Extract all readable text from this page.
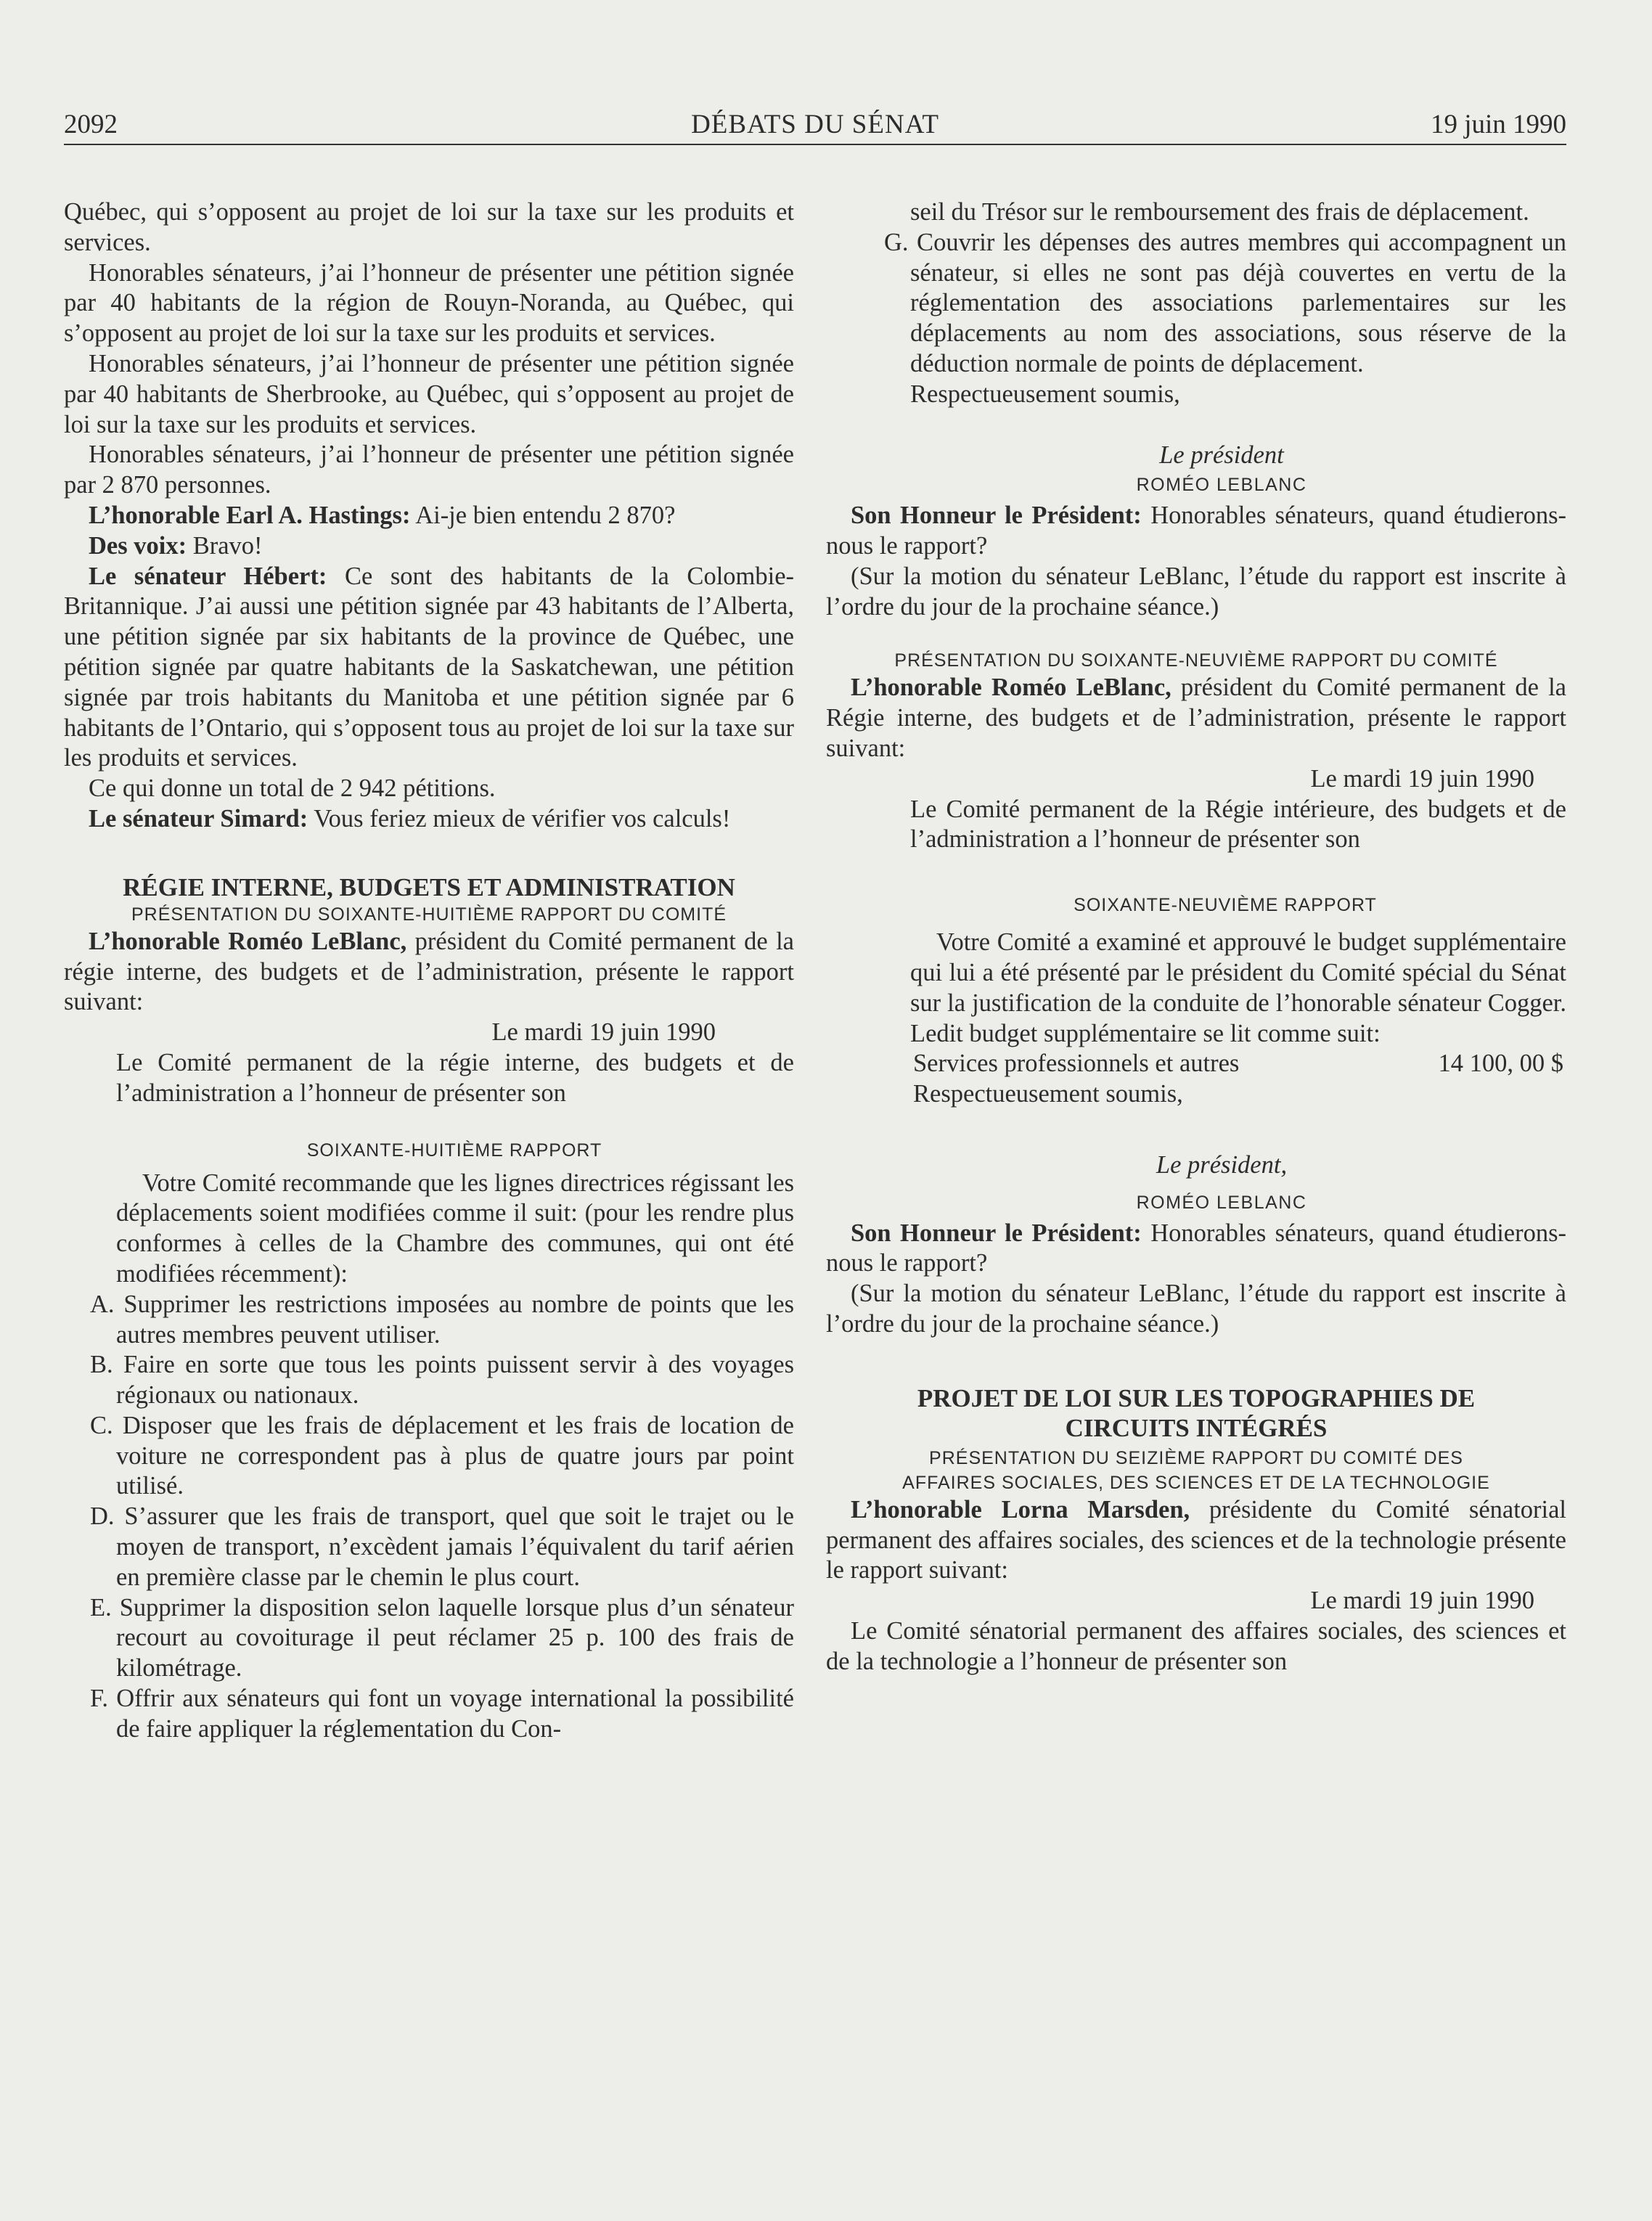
2092	DÉBATS DU SÉNAT	19 juin 1990

Québec, qui s’opposent au projet de loi sur la taxe sur les produits et services.

Honorables sénateurs, j’ai l’honneur de présenter une pétition signée par 40 habitants de la région de Rouyn-Noranda, au Québec, qui s’opposent au projet de loi sur la taxe sur les produits et services.

Honorables sénateurs, j’ai l’honneur de présenter une pétition signée par 40 habitants de Sherbrooke, au Québec, qui s’opposent au projet de loi sur la taxe sur les produits et services.

Honorables sénateurs, j’ai l’honneur de présenter une pétition signée par 2 870 personnes.

L’honorable Earl A. Hastings: Ai-je bien entendu 2 870?

Des voix: Bravo!

Le sénateur Hébert: Ce sont des habitants de la Colombie-Britannique. J’ai aussi une pétition signée par 43 habitants de l’Alberta, une pétition signée par six habitants de la province de Québec, une pétition signée par quatre habitants de la Saskatchewan, une pétition signée par trois habitants du Manitoba et une pétition signée par 6 habitants de l’Ontario, qui s’opposent tous au projet de loi sur la taxe sur les produits et services.

Ce qui donne un total de 2 942 pétitions.

Le sénateur Simard: Vous feriez mieux de vérifier vos calculs!

RÉGIE INTERNE, BUDGETS ET ADMINISTRATION
PRÉSENTATION DU SOIXANTE-HUITIÈME RAPPORT DU COMITÉ

L’honorable Roméo LeBlanc, président du Comité permanent de la régie interne, des budgets et de l’administration, présente le rapport suivant:

Le mardi 19 juin 1990

Le Comité permanent de la régie interne, des budgets et de l’administration a l’honneur de présenter son

SOIXANTE-HUITIÈME RAPPORT

Votre Comité recommande que les lignes directrices régissant les déplacements soient modifiées comme il suit: (pour les rendre plus conformes à celles de la Chambre des communes, qui ont été modifiées récemment):

A. Supprimer les restrictions imposées au nombre de points que les autres membres peuvent utiliser.

B. Faire en sorte que tous les points puissent servir à des voyages régionaux ou nationaux.

C. Disposer que les frais de déplacement et les frais de location de voiture ne correspondent pas à plus de quatre jours par point utilisé.

D. S’assurer que les frais de transport, quel que soit le trajet ou le moyen de transport, n’excèdent jamais l’équivalent du tarif aérien en première classe par le chemin le plus court.

E. Supprimer la disposition selon laquelle lorsque plus d’un sénateur recourt au covoiturage il peut réclamer 25 p. 100 des frais de kilométrage.

F. Offrir aux sénateurs qui font un voyage international la possibilité de faire appliquer la réglementation du Con-

seil du Trésor sur le remboursement des frais de déplacement.

G. Couvrir les dépenses des autres membres qui accompagnent un sénateur, si elles ne sont pas déjà couvertes en vertu de la réglementation des associations parlementaires sur les déplacements au nom des associations, sous réserve de la déduction normale de points de déplacement.

Respectueusement soumis,

Le président

ROMÉO LEBLANC

Son Honneur le Président: Honorables sénateurs, quand étudierons-nous le rapport?

(Sur la motion du sénateur LeBlanc, l’étude du rapport est inscrite à l’ordre du jour de la prochaine séance.)

PRÉSENTATION DU SOIXANTE-NEUVIÈME RAPPORT DU COMITÉ

L’honorable Roméo LeBlanc, président du Comité permanent de la Régie interne, des budgets et de l’administration, présente le rapport suivant:

Le mardi 19 juin 1990

Le Comité permanent de la Régie intérieure, des budgets et de l’administration a l’honneur de présenter son

SOIXANTE-NEUVIÈME RAPPORT

Votre Comité a examiné et approuvé le budget supplémentaire qui lui a été présenté par le président du Comité spécial du Sénat sur la justification de la conduite de l’honorable sénateur Cogger. Ledit budget supplémentaire se lit comme suit:

Services professionnels et autres	14 100, 00 $

Respectueusement soumis,

Le président,

ROMÉO LEBLANC

Son Honneur le Président: Honorables sénateurs, quand étudierons-nous le rapport?

(Sur la motion du sénateur LeBlanc, l’étude du rapport est inscrite à l’ordre du jour de la prochaine séance.)

PROJET DE LOI SUR LES TOPOGRAPHIES DE
CIRCUITS INTÉGRÉS
PRÉSENTATION DU SEIZIÈME RAPPORT DU COMITÉ DES
AFFAIRES SOCIALES, DES SCIENCES ET DE LA TECHNOLOGIE

L’honorable Lorna Marsden, présidente du Comité sénatorial permanent des affaires sociales, des sciences et de la technologie présente le rapport suivant:

Le mardi 19 juin 1990

Le Comité sénatorial permanent des affaires sociales, des sciences et de la technologie a l’honneur de présenter son
